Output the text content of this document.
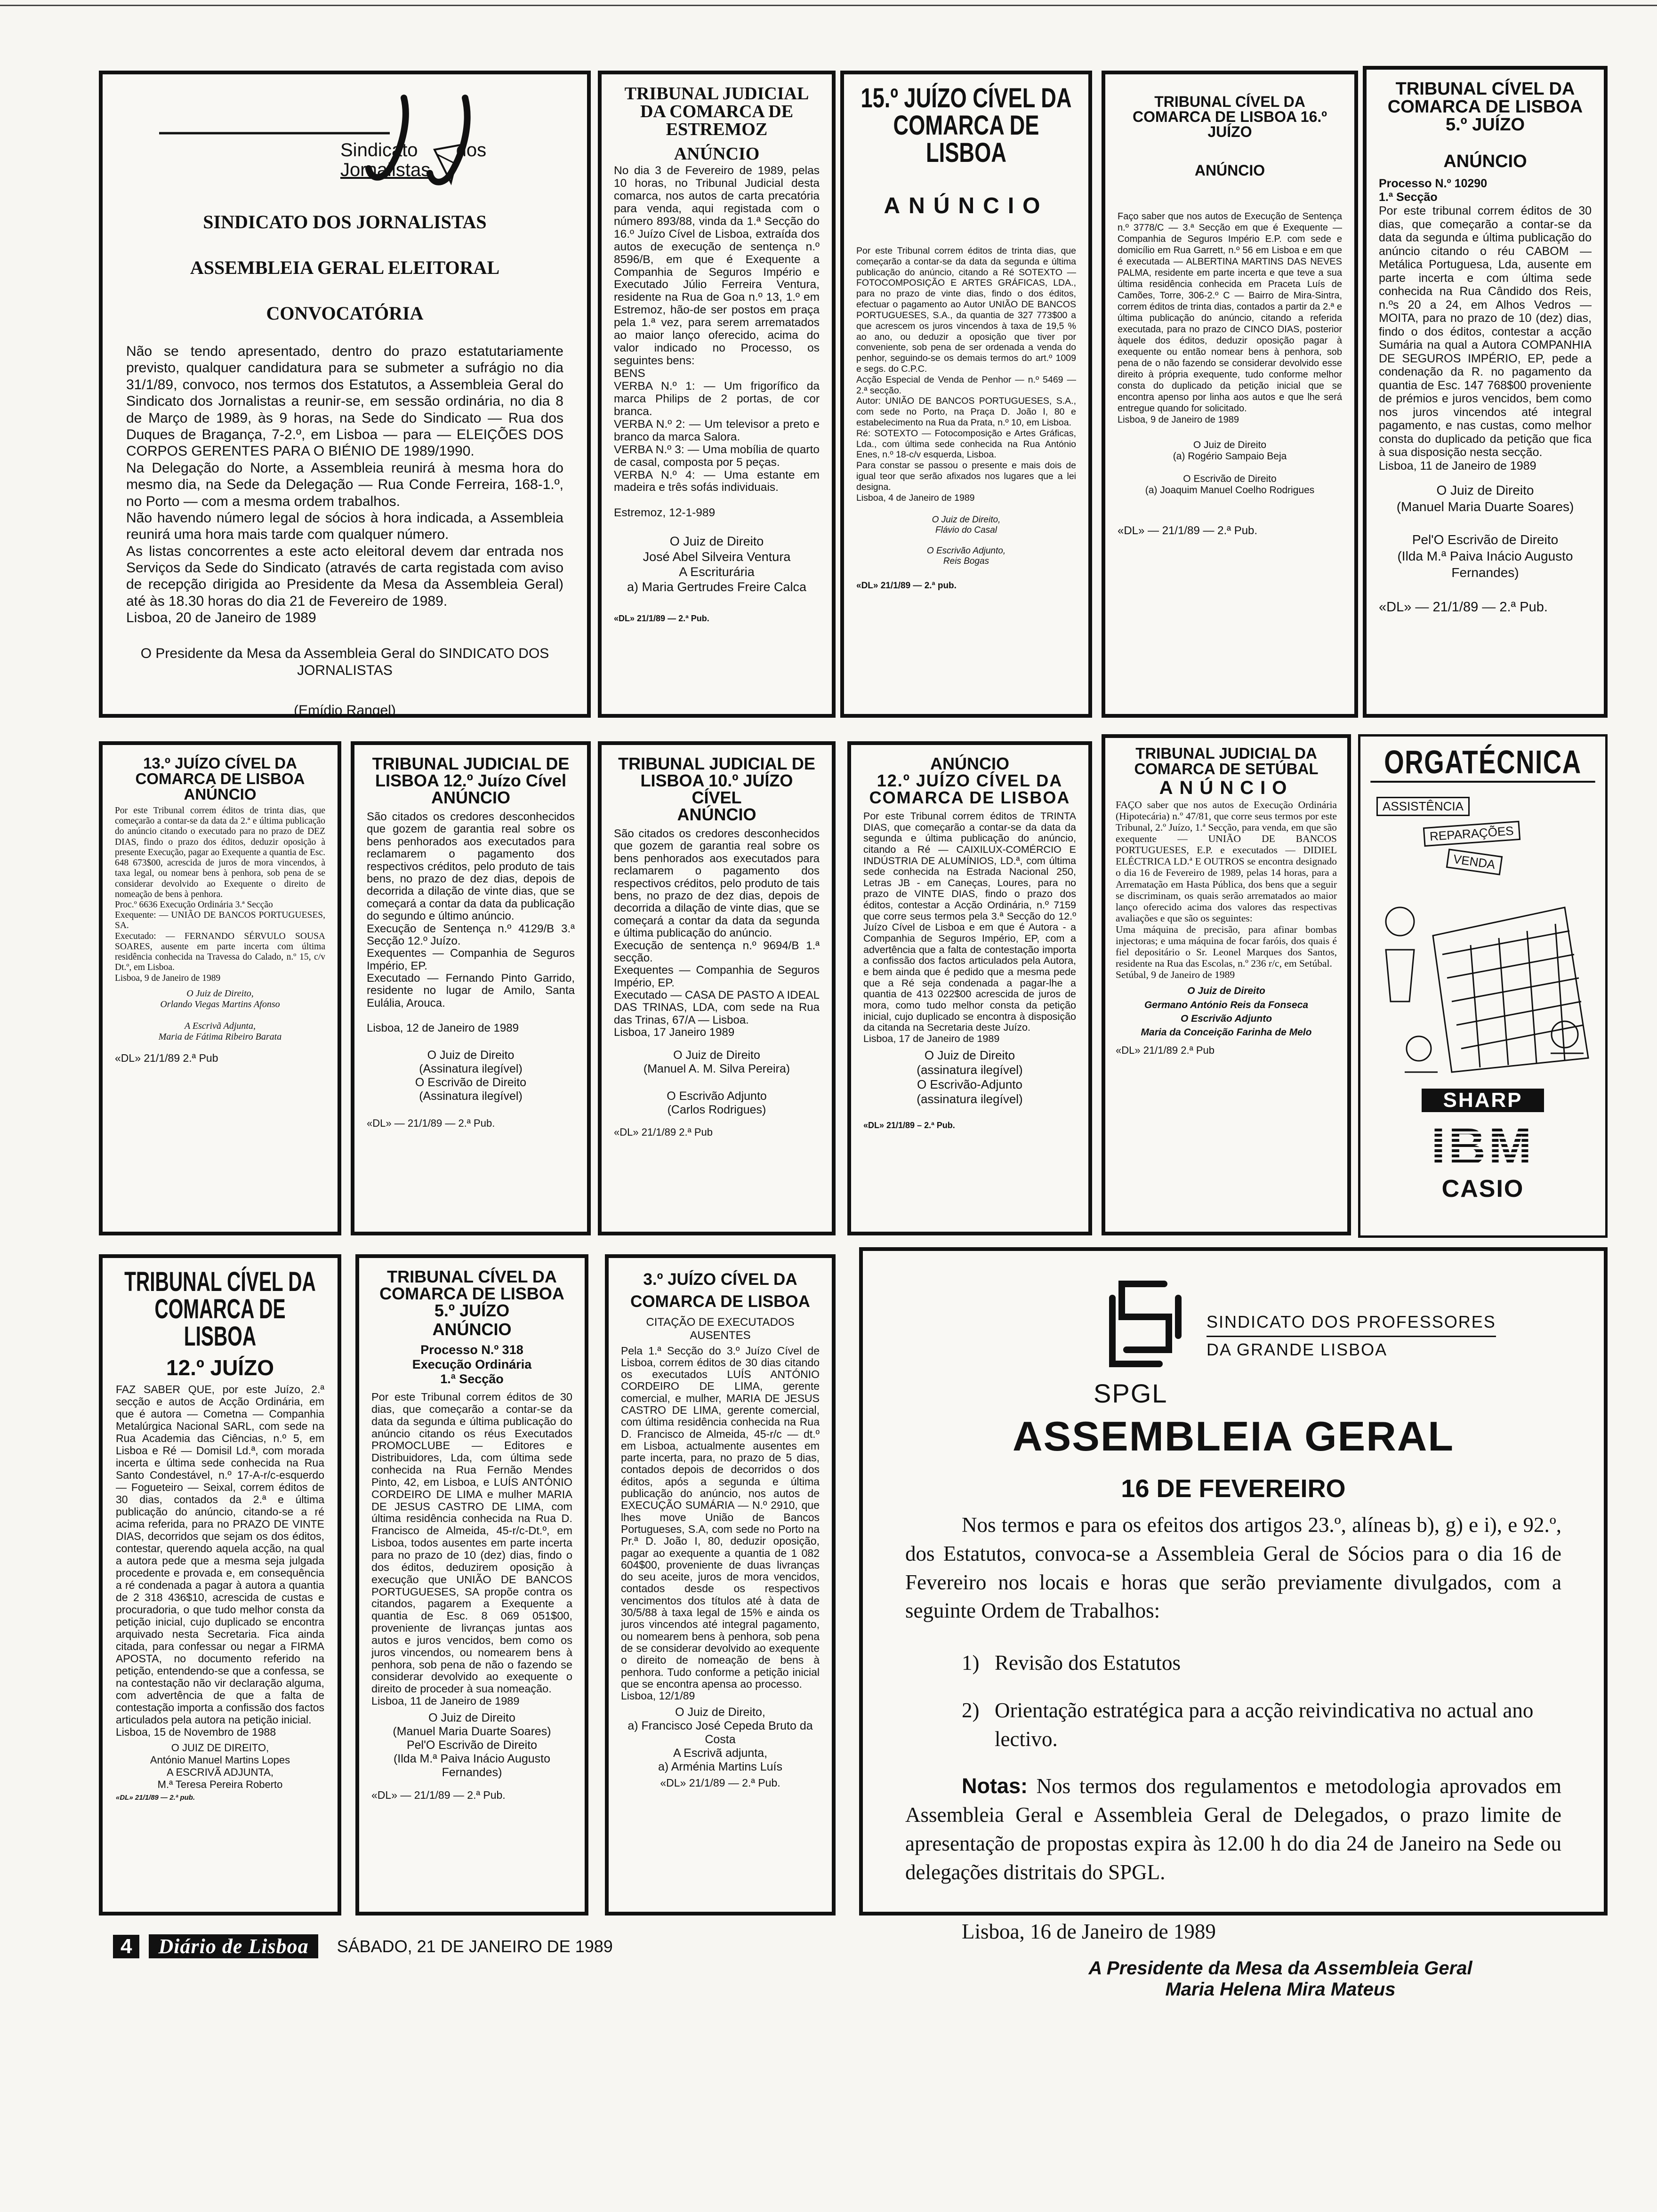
Sindicato dos
Jornalistas
SINDICATO DOS JORNALISTAS
ASSEMBLEIA GERAL ELEITORAL
CONVOCATÓRIA
Não se tendo apresentado, dentro do prazo estatutariamente previsto, qualquer candidatura para se submeter a sufrágio no dia 31/1/89, convoco, nos termos dos Estatutos, a Assembleia Geral do Sindicato dos Jornalistas a reunir-se, em sessão ordinária, no dia 8 de Março de 1989, às 9 horas, na Sede do Sindicato — Rua dos Duques de Bragança, 7-2.º, em Lisboa — para — ELEIÇÕES DOS CORPOS GERENTES PARA O BIÉNIO DE 1989/1990.
Na Delegação do Norte, a Assembleia reunirá à mesma hora do mesmo dia, na Sede da Delegação — Rua Conde Ferreira, 168-1.º, no Porto — com a mesma ordem trabalhos.
Não havendo número legal de sócios à hora indicada, a Assembleia reunirá uma hora mais tarde com qualquer número.
As listas concorrentes a este acto eleitoral devem dar entrada nos Serviços da Sede do Sindicato (através de carta registada com aviso de recepção dirigida ao Presidente da Mesa da Assembleia Geral) até às 18.30 horas do dia 21 de Fevereiro de 1989.
Lisboa, 20 de Janeiro de 1989
O Presidente da Mesa da Assembleia Geral do SINDICATO DOS JORNALISTAS
(Emídio Rangel)
TRIBUNAL JUDICIAL DA COMARCA DE ESTREMOZ
ANÚNCIO
No dia 3 de Fevereiro de 1989, pelas 10 horas, no Tribunal Judicial desta comarca, nos autos de carta precatória para venda, aqui registada com o número 893/88, vinda da 1.ª Secção do 16.º Juízo Cível de Lisboa, extraída dos autos de execução de sentença n.º 8596/B, em que é Exequente a Companhia de Seguros Império e Executado Júlio Ferreira Ventura, residente na Rua de Goa n.º 13, 1.º em Estremoz, hão-de ser postos em praça pela 1.ª vez, para serem arrematados ao maior lanço oferecido, acima do valor indicado no Processo, os seguintes bens:
BENS
VERBA N.º 1: — Um frigorífico da marca Philips de 2 portas, de cor branca.
VERBA N.º 2: — Um televisor a preto e branco da marca Salora.
VERBA N.º 3: — Uma mobília de quarto de casal, composta por 5 peças.
VERBA N.º 4: — Uma estante em madeira e três sofás individuais.

Estremoz, 12-1-989
O Juiz de Direito
José Abel Silveira Ventura
A Escriturária
a) Maria Gertrudes Freire Calca
«DL» 21/1/89 — 2.ª Pub.
15.º JUÍZO CÍVEL DA COMARCA DE LISBOA
ANÚNCIO
Por este Tribunal correm éditos de trinta dias, que começarão a contar-se da data da segunda e última publicação do anúncio, citando a Ré SOTEXTO — FOTOCOMPOSIÇÃO E ARTES GRÁFICAS, LDA., para no prazo de vinte dias, findo o dos éditos, efectuar o pagamento ao Autor UNIÃO DE BANCOS PORTUGUESES, S.A., da quantia de 327 773$00 a que acrescem os juros vincendos à taxa de 19,5 % ao ano, ou deduzir a oposição que tiver por conveniente, sob pena de ser ordenada a venda do penhor, seguindo-se os demais termos do art.º 1009 e segs. do C.P.C.
Acção Especial de Venda de Penhor — n.º 5469 — 2.ª secção.
Autor: UNIÃO DE BANCOS PORTUGUESES, S.A., com sede no Porto, na Praça D. João I, 80 e estabelecimento na Rua da Prata, n.º 10, em Lisboa.
Ré: SOTEXTO — Fotocomposição e Artes Gráficas, Lda., com última sede conhecida na Rua António Enes, n.º 18-c/v esquerda, Lisboa.
Para constar se passou o presente e mais dois de igual teor que serão afixados nos lugares que a lei designa.
Lisboa, 4 de Janeiro de 1989
O Juiz de Direito,
Flávio do Casal

O Escrivão Adjunto,
Reis Bogas
«DL» 21/1/89 — 2.ª pub.
TRIBUNAL CÍVEL DA COMARCA DE LISBOA 16.º JUÍZO
ANÚNCIO
Faço saber que nos autos de Execução de Sentença n.º 3778/C — 3.ª Secção em que é Exequente — Companhia de Seguros Império E.P. com sede e domicílio em Rua Garrett, n.º 56 em Lisboa e em que é executada — ALBERTINA MARTINS DAS NEVES PALMA, residente em parte incerta e que teve a sua última residência conhecida em Praceta Luís de Camões, Torre, 306-2.º C — Bairro de Mira-Sintra, correm éditos de trinta dias, contados a partir da 2.ª e última publicação do anúncio, citando a referida executada, para no prazo de CINCO DIAS, posterior àquele dos éditos, deduzir oposição pagar à exequente ou então nomear bens à penhora, sob pena de o não fazendo se considerar devolvido esse direito à própria exequente, tudo conforme melhor consta do duplicado da petição inicial que se encontra apenso por linha aos autos e que lhe será entregue quando for solicitado.
Lisboa, 9 de Janeiro de 1989
O Juiz de Direito
(a) Rogério Sampaio Beja

O Escrivão de Direito
(a) Joaquim Manuel Coelho Rodrigues
«DL» — 21/1/89 — 2.ª Pub.
TRIBUNAL CÍVEL DA COMARCA DE LISBOA 5.º JUÍZO
ANÚNCIO
Processo N.º 10290
1.ª Secção
Por este tribunal correm éditos de 30 dias, que começarão a contar-se da data da segunda e última publicação do anúncio citando o réu CABOM — Metálica Portuguesa, Lda, ausente em parte incerta e com última sede conhecida na Rua Cândido dos Reis, n.ºs 20 a 24, em Alhos Vedros — MOITA, para no prazo de 10 (dez) dias, findo o dos éditos, contestar a acção Sumária na qual a Autora COMPANHIA DE SEGUROS IMPÉRIO, EP, pede a condenação da R. no pagamento da quantia de Esc. 147 768$00 proveniente de prémios e juros vencidos, bem como nos juros vincendos até integral pagamento, e nas custas, como melhor consta do duplicado da petição que fica à sua disposição nesta secção.
Lisboa, 11 de Janeiro de 1989
O Juiz de Direito
(Manuel Maria Duarte Soares)

Pel'O Escrivão de Direito
(Ilda M.ª Paiva Inácio Augusto Fernandes)
«DL» — 21/1/89 — 2.ª Pub.
13.º JUÍZO CÍVEL DA COMARCA DE LISBOA
ANÚNCIO
Por este Tribunal correm éditos de trinta dias, que começarão a contar-se da data da 2.ª e última publicação do anúncio citando o executado para no prazo de DEZ DIAS, findo o prazo dos éditos, deduzir oposição à presente Execução, pagar ao Exequente a quantia de Esc. 648 673$00, acrescida de juros de mora vincendos, à taxa legal, ou nomear bens à penhora, sob pena de se considerar devolvido ao Exequente o direito de nomeação de bens à penhora.
Proc.º 6636 Execução Ordinária 3.ª Secção
Exequente: — UNIÃO DE BANCOS PORTUGUESES, SA.
Executado: — FERNANDO SÉRVULO SOUSA SOARES, ausente em parte incerta com última residência conhecida na Travessa do Calado, n.º 15, c/v Dt.º, em Lisboa.
Lisboa, 9 de Janeiro de 1989
O Juiz de Direito,
Orlando Viegas Martins Afonso

A Escrivã Adjunta,
Maria de Fátima Ribeiro Barata
«DL» 21/1/89 2.ª Pub
TRIBUNAL JUDICIAL DE LISBOA 12.º Juízo Cível
ANÚNCIO
São citados os credores desconhecidos que gozem de garantia real sobre os bens penhorados aos executados para reclamarem o pagamento dos respectivos créditos, pelo produto de tais bens, no prazo de dez dias, depois de decorrida a dilação de vinte dias, que se começará a contar da data da publicação do segundo e último anúncio.
Execução de Sentença n.º 4129/B 3.ª Secção 12.º Juízo.
Exequentes — Companhia de Seguros Império, EP.
Executado — Fernando Pinto Garrido, residente no lugar de Amilo, Santa Eulália, Arouca.

Lisboa, 12 de Janeiro de 1989
O Juiz de Direito
(Assinatura ilegível)
O Escrivão de Direito
(Assinatura ilegível)
«DL» — 21/1/89 — 2.ª Pub.
TRIBUNAL JUDICIAL DE LISBOA 10.º JUÍZO CÍVEL
ANÚNCIO
São citados os credores desconhecidos que gozem de garantia real sobre os bens penhorados aos executados para reclamarem o pagamento dos respectivos créditos, pelo produto de tais bens, no prazo de dez dias, depois de decorrida a dilação de vinte dias, que se começará a contar da data da segunda e última publicação do anúncio.
Execução de sentença n.º 9694/B 1.ª secção.
Exequentes — Companhia de Seguros Império, EP.
Executado — CASA DE PASTO A IDEAL DAS TRINAS, LDA, com sede na Rua das Trinas, 67/A — Lisboa.
Lisboa, 17 Janeiro 1989
O Juiz de Direito
(Manuel A. M. Silva Pereira)

O Escrivão Adjunto
(Carlos Rodrigues)
«DL» 21/1/89 2.ª Pub
ANÚNCIO
12.º JUÍZO CÍVEL DA COMARCA DE LISBOA
Por este Tribunal correm éditos de TRINTA DIAS, que começarão a contar-se da data da segunda e última publicação do anúncio, citando a Ré — CAIXILUX-COMÉRCIO E INDÚSTRIA DE ALUMÍNIOS, LD.ª, com última sede conhecida na Estrada Nacional 250, Letras JB - em Caneças, Loures, para no prazo de VINTE DIAS, findo o prazo dos éditos, contestar a Acção Ordinária, n.º 7159 que corre seus termos pela 3.ª Secção do 12.º Juízo Cível de Lisboa e em que é Autora - a Companhia de Seguros Império, EP, com a advertência que a falta de contestação importa a confissão dos factos articulados pela Autora, e bem ainda que é pedido que a mesma pede que a Ré seja condenada a pagar-lhe a quantia de 413 022$00 acrescida de juros de mora, como tudo melhor consta da petição inicial, cujo duplicado se encontra à disposição da citanda na Secretaria deste Juízo.
Lisboa, 17 de Janeiro de 1989
O Juiz de Direito
(assinatura ilegível)
O Escrivão-Adjunto
(assinatura ilegível)
«DL» 21/1/89 – 2.ª Pub.
TRIBUNAL JUDICIAL DA COMARCA DE SETÚBAL
ANÚNCIO
FAÇO saber que nos autos de Execução Ordinária (Hipotecária) n.º 47/81, que corre seus termos por este Tribunal, 2.º Juízo, 1.ª Secção, para venda, em que são exequente — UNIÃO DE BANCOS PORTUGUESES, E.P. e executados — DIDIEL ELÉCTRICA LD.ª E OUTROS se encontra designado o dia 16 de Fevereiro de 1989, pelas 14 horas, para a Arrematação em Hasta Pública, dos bens que a seguir se discriminam, os quais serão arrematados ao maior lanço oferecido acima dos valores das respectivas avaliações e que são os seguintes:
Uma máquina de precisão, para afinar bombas injectoras; e uma máquina de focar faróis, dos quais é fiel depositário o Sr. Leonel Marques dos Santos, residente na Rua das Escolas, n.º 236 r/c, em Setúbal.
Setúbal, 9 de Janeiro de 1989
O Juiz de Direito
Germano António Reis da Fonseca
O Escrivão Adjunto
Maria da Conceição Farinha de Melo
«DL» 21/1/89 2.ª Pub
ORGATÉCNICA
ASSISTÊNCIA
REPARAÇÕES
VENDA
SHARP
IBM
CASIO
TRIBUNAL CÍVEL DA COMARCA DE LISBOA
12.º JUÍZO
FAZ SABER QUE, por este Juízo, 2.ª secção e autos de Acção Ordinária, em que é autora — Cometna — Companhia Metalúrgica Nacional SARL, com sede na Rua Academia das Ciências, n.º 5, em Lisboa e Ré — Domisil Ld.ª, com morada incerta e última sede conhecida na Rua Santo Condestável, n.º 17-A-r/c-esquerdo — Fogueteiro — Seixal, correm éditos de 30 dias, contados da 2.ª e última publicação do anúncio, citando-se a ré acima referida, para no PRAZO DE VINTE DIAS, decorridos que sejam os dos éditos, contestar, querendo aquela acção, na qual a autora pede que a mesma seja julgada procedente e provada e, em consequência a ré condenada a pagar à autora a quantia de 2 318 436$10, acrescida de custas e procuradoria, o que tudo melhor consta da petição inicial, cujo duplicado se encontra arquivado nesta Secretaria. Fica ainda citada, para confessar ou negar a FIRMA APOSTA, no documento referido na petição, entendendo-se que a confessa, se na contestação não vir declaração alguma, com advertência de que a falta de contestação importa a confissão dos factos articulados pela autora na petição inicial.
Lisboa, 15 de Novembro de 1988
O JUIZ DE DIREITO,
António Manuel Martins Lopes
A ESCRIVÃ ADJUNTA,
M.ª Teresa Pereira Roberto
«DL» 21/1/89 — 2.ª pub.
TRIBUNAL CÍVEL DA COMARCA DE LISBOA 5.º JUÍZO
ANÚNCIO
Processo N.º 318
Execução Ordinária
1.ª Secção
Por este Tribunal correm éditos de 30 dias, que começarão a contar-se da data da segunda e última publicação do anúncio citando os réus Executados PROMOCLUBE — Editores e Distribuidores, Lda, com última sede conhecida na Rua Fernão Mendes Pinto, 42, em Lisboa, e LUÍS ANTÓNIO CORDEIRO DE LIMA e mulher MARIA DE JESUS CASTRO DE LIMA, com última residência conhecida na Rua D. Francisco de Almeida, 45-r/c-Dt.º, em Lisboa, todos ausentes em parte incerta para no prazo de 10 (dez) dias, findo o dos éditos, deduzirem oposição à execução que UNIÃO DE BANCOS PORTUGUESES, SA propõe contra os citandos, pagarem a Exequente a quantia de Esc. 8 069 051$00, proveniente de livranças juntas aos autos e juros vencidos, bem como os juros vincendos, ou nomearem bens à penhora, sob pena de não o fazendo se considerar devolvido ao exequente o direito de proceder à sua nomeação.
Lisboa, 11 de Janeiro de 1989
O Juiz de Direito
(Manuel Maria Duarte Soares)
Pel'O Escrivão de Direito
(Ilda M.ª Paiva Inácio Augusto Fernandes)
«DL» — 21/1/89 — 2.ª Pub.
3.º JUÍZO CÍVEL DA COMARCA DE LISBOA
CITAÇÃO DE EXECUTADOS AUSENTES
Pela 1.ª Secção do 3.º Juízo Cível de Lisboa, correm éditos de 30 dias citando os executados LUÍS ANTÓNIO CORDEIRO DE LIMA, gerente comercial, e mulher, MARIA DE JESUS CASTRO DE LIMA, gerente comercial, com última residência conhecida na Rua D. Francisco de Almeida, 45-r/c — dt.º em Lisboa, actualmente ausentes em parte incerta, para, no prazo de 5 dias, contados depois de decorridos o dos éditos, após a segunda e última publicação do anúncio, nos autos de EXECUÇÃO SUMÁRIA — N.º 2910, que lhes move União de Bancos Portugueses, S.A, com sede no Porto na Pr.ª D. João I, 80, deduzir oposição, pagar ao exequente a quantia de 1 082 604$00, proveniente de duas livranças do seu aceite, juros de mora vencidos, contados desde os respectivos vencimentos dos títulos até à data de 30/5/88 à taxa legal de 15% e ainda os juros vincendos até integral pagamento, ou nomearem bens à penhora, sob pena de se considerar devolvido ao exequente o direito de nomeação de bens à penhora. Tudo conforme a petição inicial que se encontra apensa ao processo.
Lisboa, 12/1/89
O Juiz de Direito,
a) Francisco José Cepeda Bruto da Costa
A Escrivã adjunta,
a) Arménia Martins Luís
«DL» 21/1/89 — 2.ª Pub.
SINDICATO DOS PROFESSORES
DA GRANDE LISBOA
SPGL
ASSEMBLEIA GERAL
16 DE FEVEREIRO
Nos termos e para os efeitos dos artigos 23.º, alíneas b), g) e i), e 92.º, dos Estatutos, convoca-se a Assembleia Geral de Sócios para o dia 16 de Fevereiro nos locais e horas que serão previamente divulgados, com a seguinte Ordem de Trabalhos:
1) Revisão dos Estatutos
2) Orientação estratégica para a acção reivindicativa no actual ano lectivo.
Notas: Nos termos dos regulamentos e metodologia aprovados em Assembleia Geral e Assembleia Geral de Delegados, o prazo limite de apresentação de propostas expira às 12.00 h do dia 24 de Janeiro na Sede ou delegações distritais do SPGL.
Lisboa, 16 de Janeiro de 1989
A Presidente da Mesa da Assembleia Geral
Maria Helena Mira Mateus
4	Diário de Lisboa	SÁBADO, 21 DE JANEIRO DE 1989
